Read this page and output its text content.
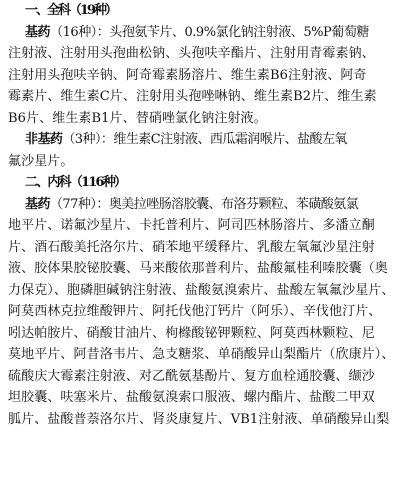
一、全科（19种）
基药（16种）：头孢氨苄片、0.9%氯化钠注射液、5%P葡萄糖
注射液、注射用头孢曲松钠、头孢呋辛酯片、注射用青霉素钠、
注射用头孢呋辛钠、阿奇霉素肠溶片、维生素B6注射液、阿奇
霉素片、维生素C片、注射用头孢唑啉钠、维生素B2片、维生素
B6片、维生素B1片、替硝唑氯化钠注射液。
非基药（3种）：维生素C注射液、西瓜霜润喉片、盐酸左氧
氟沙星片。
二、内科（116种）
基药（77种）：奥美拉唑肠溶胶囊、布洛芬颗粒、苯磺酸氨氯
地平片、诺氟沙星片、卡托普利片、阿司匹林肠溶片、多潘立酮
片、酒石酸美托洛尔片、硝苯地平缓释片、乳酸左氧氟沙星注射
液、胶体果胶铋胶囊、马来酸依那普利片、盐酸氟桂利嗪胶囊（奥
力保克）、胞磷胆碱钠注射液、盐酸氨溴索片、盐酸左氧氟沙星片、
阿莫西林克拉维酸钾片、阿托伐他汀钙片（阿乐）、辛伐他汀片、
吲达帕胺片、硝酸甘油片、枸橼酸铋钾颗粒、阿莫西林颗粒、尼
莫地平片、阿昔洛韦片、急支糖浆、单硝酸异山梨酯片（欣康片）、
硫酸庆大霉素注射液、对乙酰氨基酚片、复方血栓通胶囊、缬沙
坦胶囊、呋塞米片、盐酸氨溴索口服液、螺内酯片、盐酸二甲双
胍片、盐酸普萘洛尔片、肾炎康复片、VB1注射液、单硝酸异山梨
